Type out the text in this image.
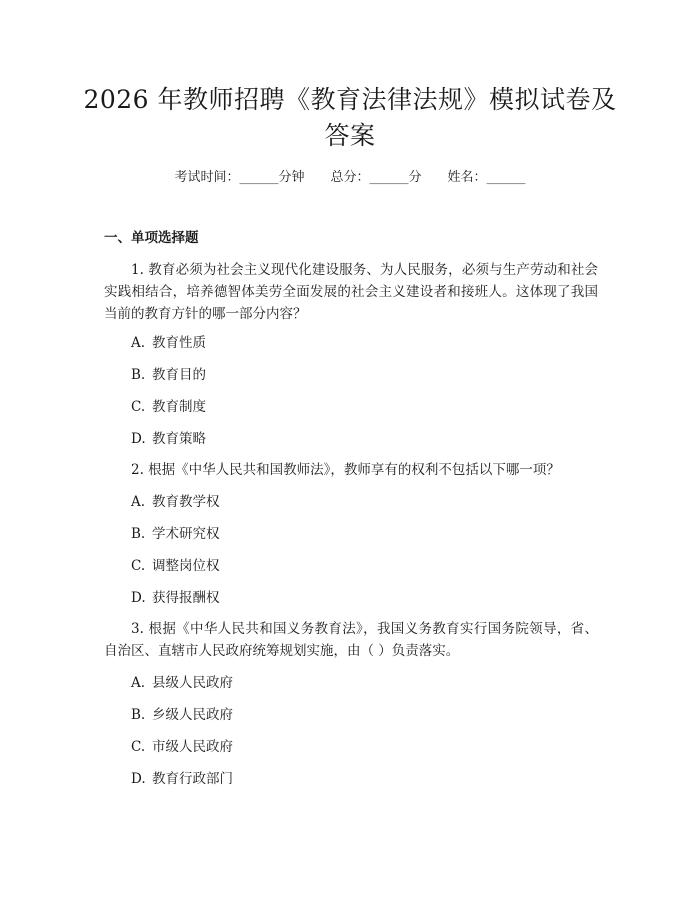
2026 年教师招聘《教育法律法规》模拟试卷及答案
考试时间：______分钟 总分：______分 姓名：______
一、单项选择题
1. 教育必须为社会主义现代化建设服务、为人民服务，必须与生产劳动和社会实践相结合，培养德智体美劳全面发展的社会主义建设者和接班人。这体现了我国当前的教育方针的哪一部分内容？
A. 教育性质
B. 教育目的
C. 教育制度
D. 教育策略
2. 根据《中华人民共和国教师法》，教师享有的权利不包括以下哪一项？
A. 教育教学权
B. 学术研究权
C. 调整岗位权
D. 获得报酬权
3. 根据《中华人民共和国义务教育法》，我国义务教育实行国务院领导，省、自治区、直辖市人民政府统筹规划实施，由（ ）负责落实。
A. 县级人民政府
B. 乡级人民政府
C. 市级人民政府
D. 教育行政部门
